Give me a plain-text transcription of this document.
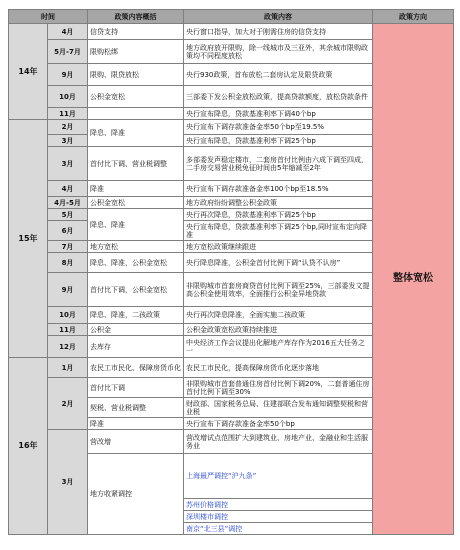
时间		政策内容概括	政策内容	政策方向	
14年	4月	信贷支持	央行窗口指导，加大对于刚需住房的信贷支持	整体宽松	
	5月-7月	限购松绑	地方政府放开限购，除一线城市及三亚外，其余城市限购政策均不同程度放松		
	9月	限购、限贷放松	央行930政策，首布放松二套房认定及限贷政策		
	10月	公积金宽松	三部委下发公积金放松政策，提高贷款额度，放松贷款条件		
	11月		央行宣布降息，贷款基准利率下调40个bp		
15年	2月	降息、降准	央行宣布下调存款准备金率50个bp至19.5%		
	3月		央行宣布降息，贷款基准利率下调25个bp		
	3月	首付比下调、营业税调整	多部委发声稳定楼市，二套房首付比例由六成下调至四成，二手房交易营业税免征时间由5年缩减至2年		
	4月	降准	央行宣布下调存款准备金率100个bp至18.5%		
	4月-5月	公积金宽松	地方政府纷纷调整公积金政策		
	5月	降息、降准	央行再次降息，贷款基准利率下调25个bp		
	6月		央行宣布降息，贷款基准利率下调25个bp,同时宣布定向降准		
	7月	地方宽松	地方宽松政策继续跟进		
	8月	降息、降准，公积金宽松	央行降息降准，公积金首付比例下调“认贷不认房”		
	9月	首付比下调，公积金宽松	非限购城市首套房商贷首付比例下调至25%，三部委发文提高公积金使用效率，全面推行公积金异地贷款		
	10月	降息、降准，二孩政策	央行再次降息降准，全面实施二孩政策		
	11月	公积金	公积金政策宽松政策持续推进		
	12月	去库存	中央经济工作会议提出化解地产库存作为2016五大任务之一		

16年	1月	农民工市民化、保障房货币化	农民工市民化，提高保障房货币化逐步落地		
	2月	首付比下调	非限购城市首套普通住房首付比例下调20%，二套普通住房首付比例下调至30%		
		契税、营业税调整	财政部、国家税务总局、住建部联合发布通知调整契税和营业税		
		降准	央行宣布下调存款准备金率50个bp		
	3月	营改增	营改增试点范围扩大到建筑业、房地产业、金融业和生活服务业	
		地方收紧调控	上海最严调控“沪九条”		
			苏州价格调控		
			深圳楼市调控		
			南京“北三县”调控		
